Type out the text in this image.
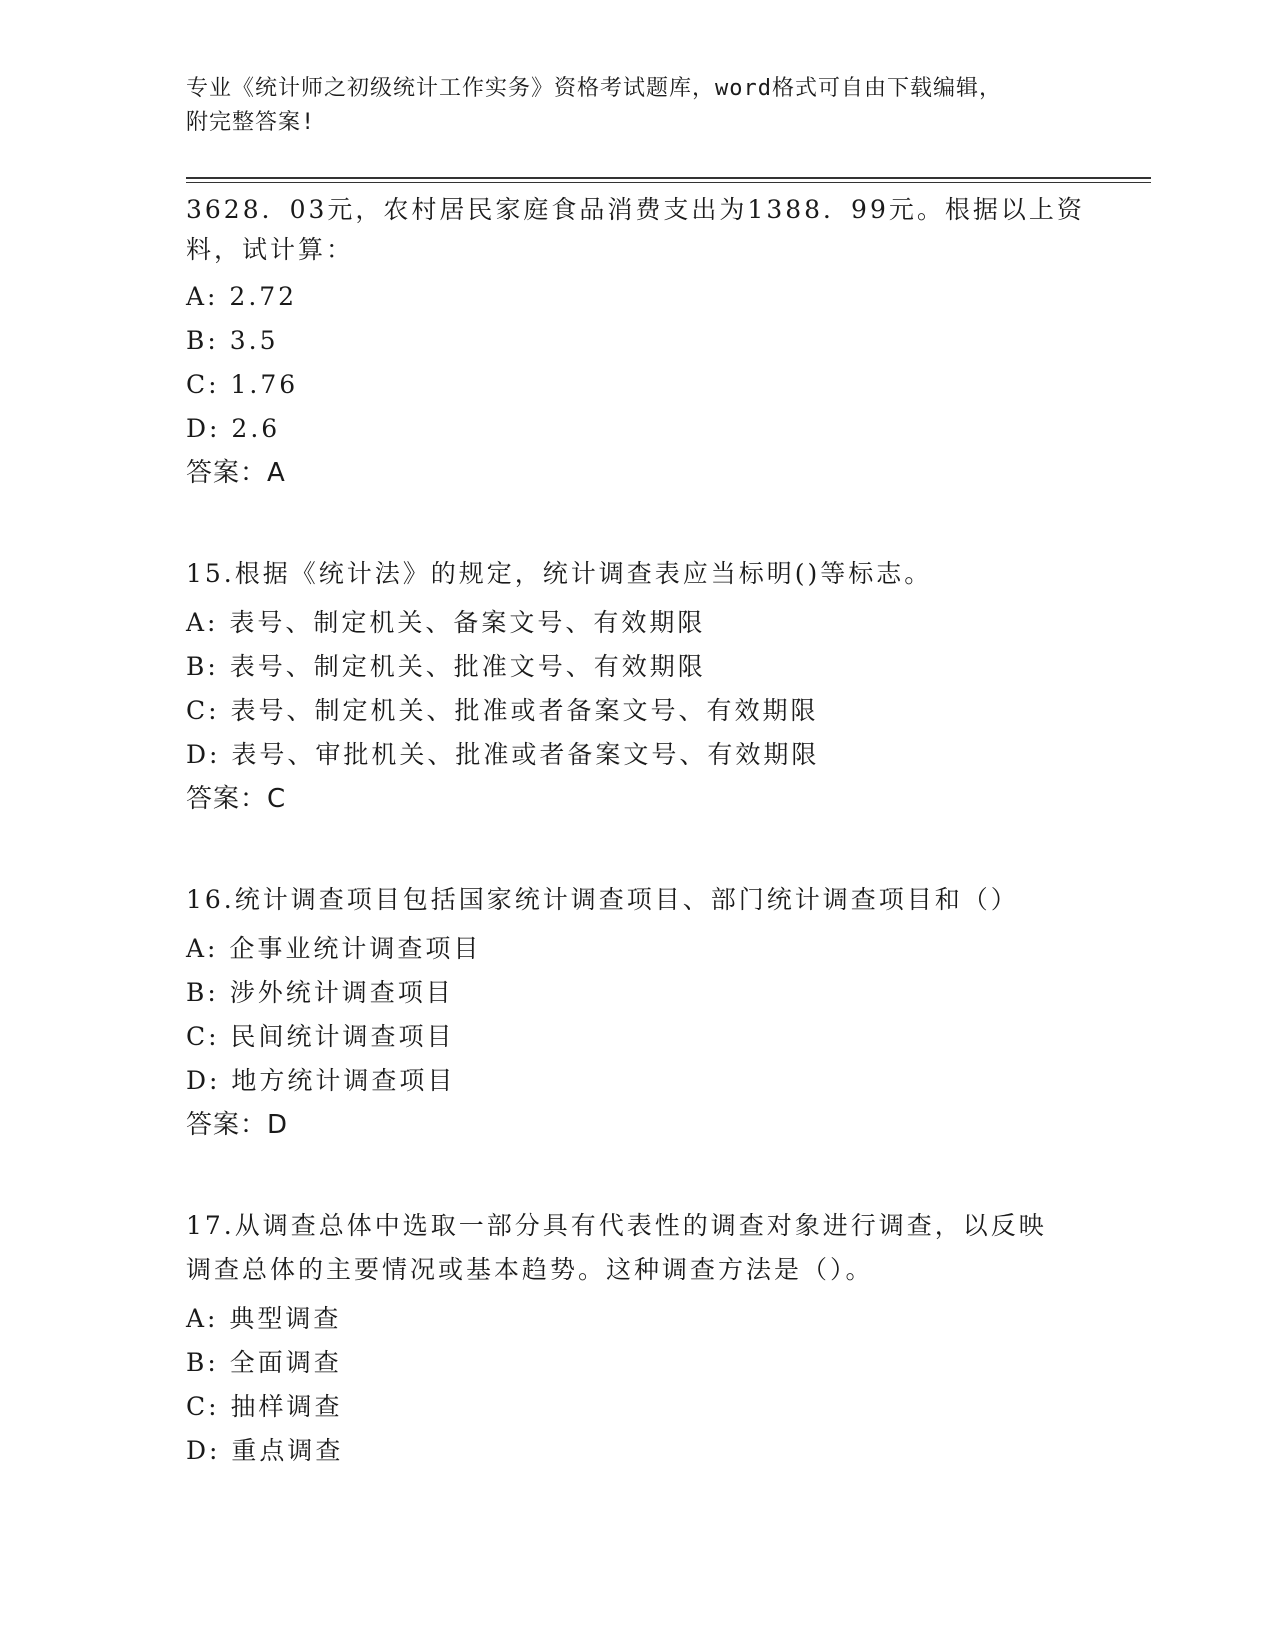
专业《统计师之初级统计工作实务》资格考试题库，word格式可自由下载编辑，
附完整答案!

3628．03元，农村居民家庭食品消费支出为1388．99元。根据以上资

料，试计算：

A: 2.72

B: 3.5

C: 1.76

D: 2.6

答案：A

15.根据《统计法》的规定，统计调查表应当标明()等标志。

A: 表号、制定机关、备案文号、有效期限

B: 表号、制定机关、批准文号、有效期限

C: 表号、制定机关、批准或者备案文号、有效期限

D: 表号、审批机关、批准或者备案文号、有效期限

答案：C

16.统计调查项目包括国家统计调查项目、部门统计调查项目和（）

A: 企事业统计调查项目

B: 涉外统计调查项目

C: 民间统计调查项目

D: 地方统计调查项目

答案：D

17.从调查总体中选取一部分具有代表性的调查对象进行调查，以反映

调查总体的主要情况或基本趋势。这种调查方法是（）。

A: 典型调查

B: 全面调查

C: 抽样调查

D: 重点调查
